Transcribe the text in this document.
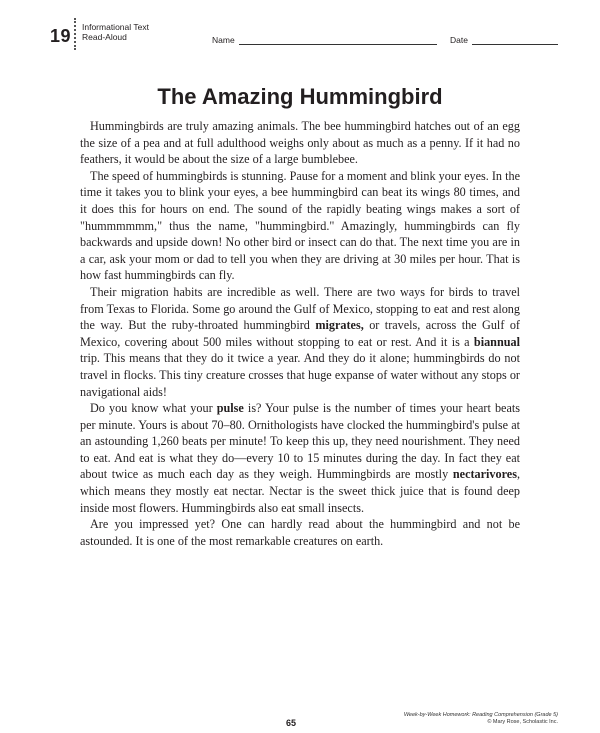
19 Informational Text
Read-Aloud	Name	Date
The Amazing Hummingbird

Hummingbirds are truly amazing animals. The bee hummingbird hatches out of an egg the size of a pea and at full adulthood weighs only about as much as a penny. If it had no feathers, it would be about the size of a large bumblebee.

The speed of hummingbirds is stunning. Pause for a moment and blink your eyes. In the time it takes you to blink your eyes, a bee hummingbird can beat its wings 80 times, and it does this for hours on end. The sound of the rapidly beating wings makes a sort of "hummmmmm," thus the name, "hummingbird." Amazingly, hummingbirds can fly backwards and upside down! No other bird or insect can do that. The next time you are in a car, ask your mom or dad to tell you when they are driving at 30 miles per hour. That is how fast hummingbirds can fly.

Their migration habits are incredible as well. There are two ways for birds to travel from Texas to Florida. Some go around the Gulf of Mexico, stopping to eat and rest along the way. But the ruby-throated hummingbird migrates, or travels, across the Gulf of Mexico, covering about 500 miles without stopping to eat or rest. And it is a biannual trip. This means that they do it twice a year. And they do it alone; hummingbirds do not travel in flocks. This tiny creature crosses that huge expanse of water without any stops or navigational aids!

Do you know what your pulse is? Your pulse is the number of times your heart beats per minute. Yours is about 70–80. Ornithologists have clocked the hummingbird's pulse at an astounding 1,260 beats per minute! To keep this up, they need nourishment. They need to eat. And eat is what they do—every 10 to 15 minutes during the day. In fact they eat about twice as much each day as they weigh. Hummingbirds are mostly nectarivores, which means they mostly eat nectar. Nectar is the sweet thick juice that is found deep inside most flowers. Hummingbirds also eat small insects.

Are you impressed yet? One can hardly read about the hummingbird and not be astounded. It is one of the most remarkable creatures on earth.

65
Week-by-Week Homework: Reading Comprehension (Grade 5)
© Mary Rose, Scholastic Inc.
